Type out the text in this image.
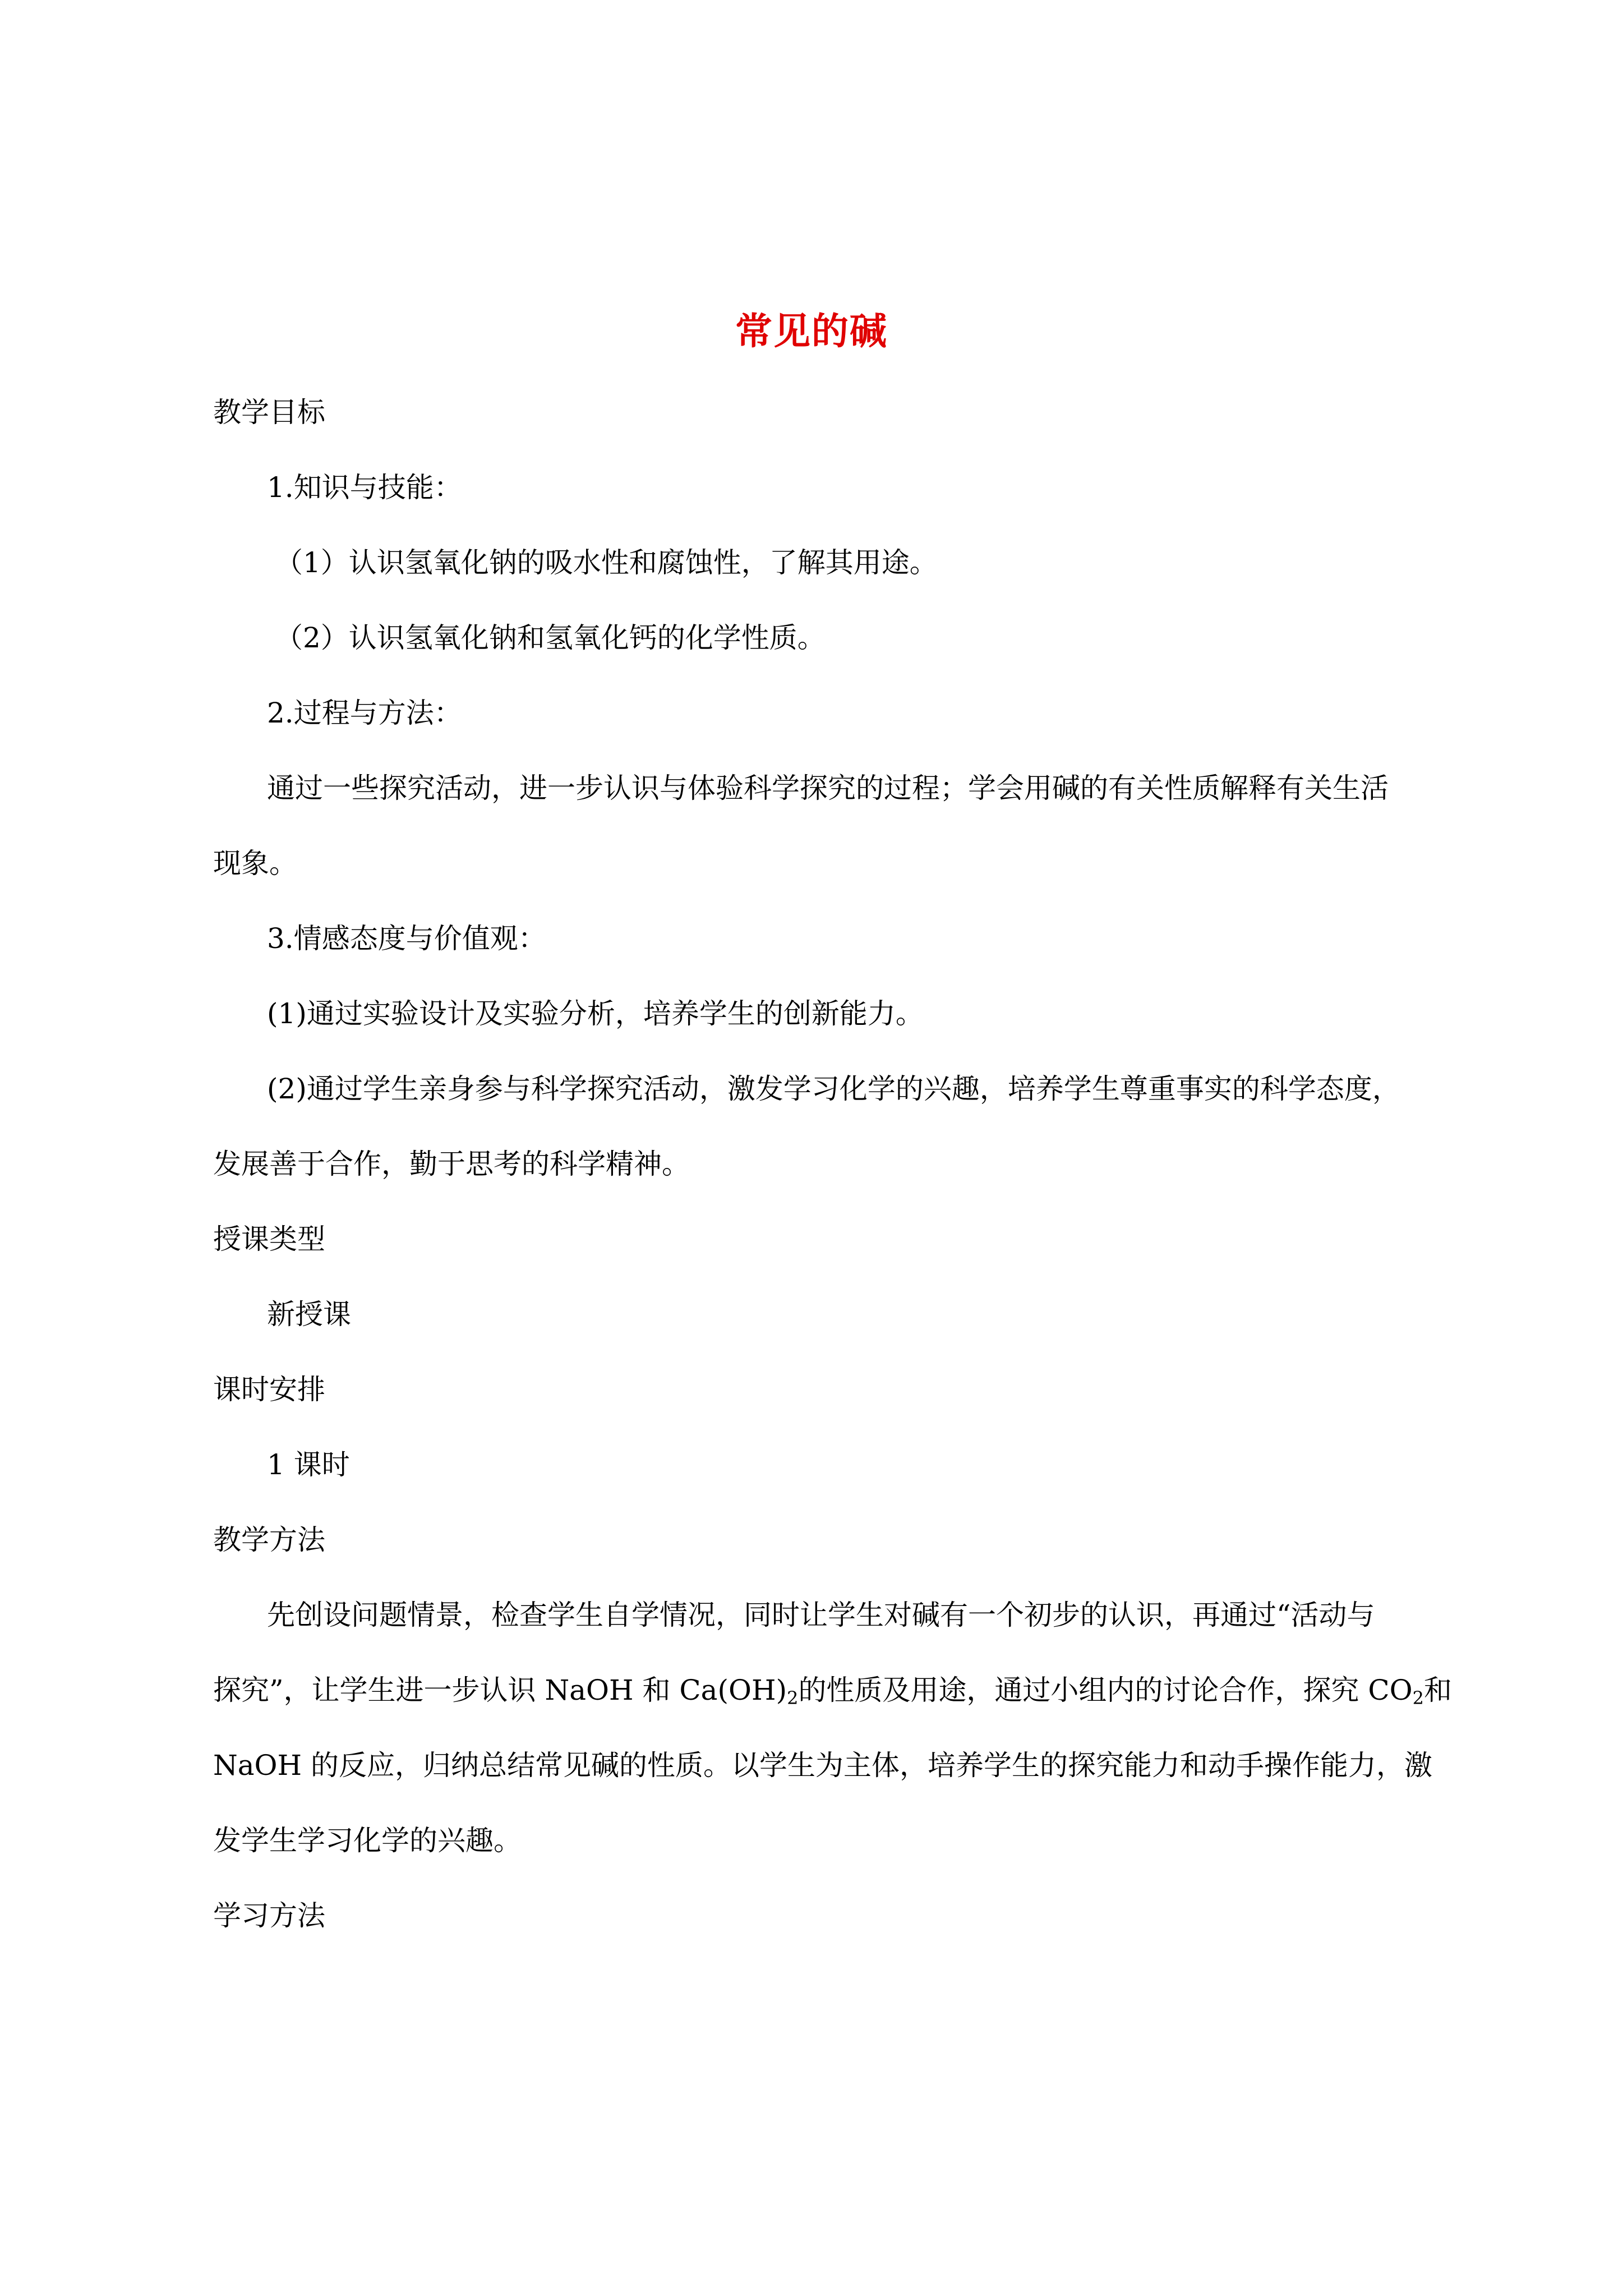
常见的碱
教学目标
1.知识与技能：
（1）认识氢氧化钠的吸水性和腐蚀性，了解其用途。
（2）认识氢氧化钠和氢氧化钙的化学性质。
2.过程与方法：
通过一些探究活动，进一步认识与体验科学探究的过程；学会用碱的有关性质解释有关生活
现象。
3.情感态度与价值观：
(1)通过实验设计及实验分析，培养学生的创新能力。
(2)通过学生亲身参与科学探究活动，激发学习化学的兴趣，培养学生尊重事实的科学态度，
发展善于合作，勤于思考的科学精神。
授课类型
新授课
课时安排
1 课时
教学方法
先创设问题情景，检查学生自学情况，同时让学生对碱有一个初步的认识，再通过“活动与
探究”，让学生进一步认识 NaOH 和 $Ca(OH)_2$的性质及用途，通过小组内的讨论合作，探究 $CO_2$和
NaOH 的反应，归纳总结常见碱的性质。以学生为主体，培养学生的探究能力和动手操作能力，激
发学生学习化学的兴趣。
学习方法
